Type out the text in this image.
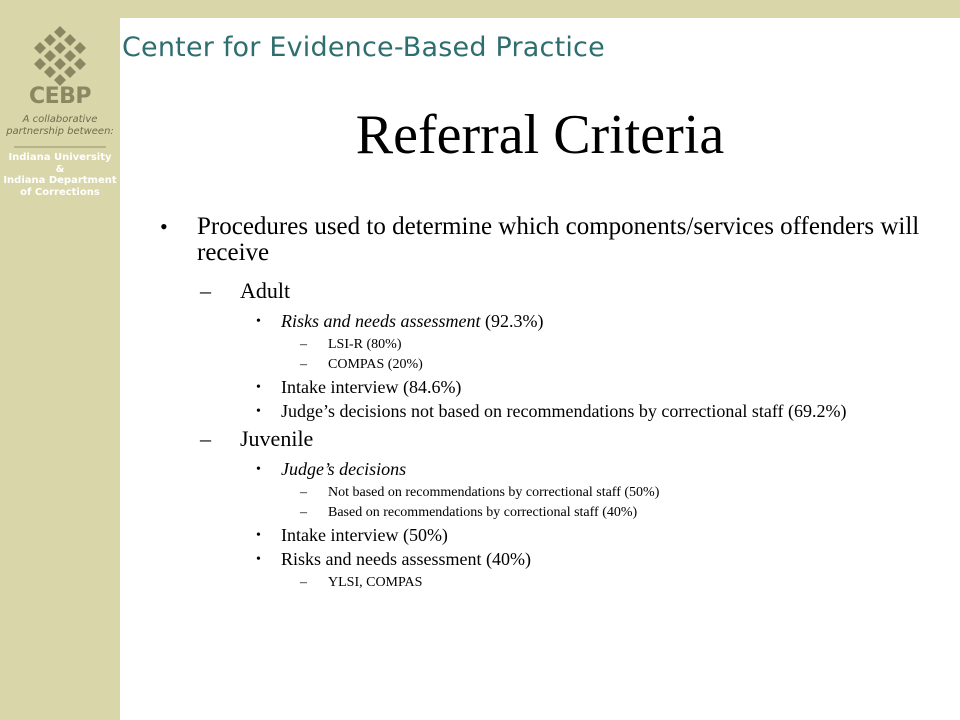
CEBP
A collaborative
partnership between:
Indiana University
&
Indiana Department
of Corrections
Center for Evidence-Based Practice
Referral Criteria
• Procedures used to determine which components/services offenders will receive
– Adult
• Risks and needs assessment (92.3%)
– LSI-R (80%)
– COMPAS (20%)
• Intake interview (84.6%)
• Judge’s decisions not based on recommendations by correctional staff (69.2%)
– Juvenile
• Judge’s decisions
– Not based on recommendations by correctional staff (50%)
– Based on recommendations by correctional staff (40%)
• Intake interview (50%)
• Risks and needs assessment (40%)
– YLSI, COMPAS
